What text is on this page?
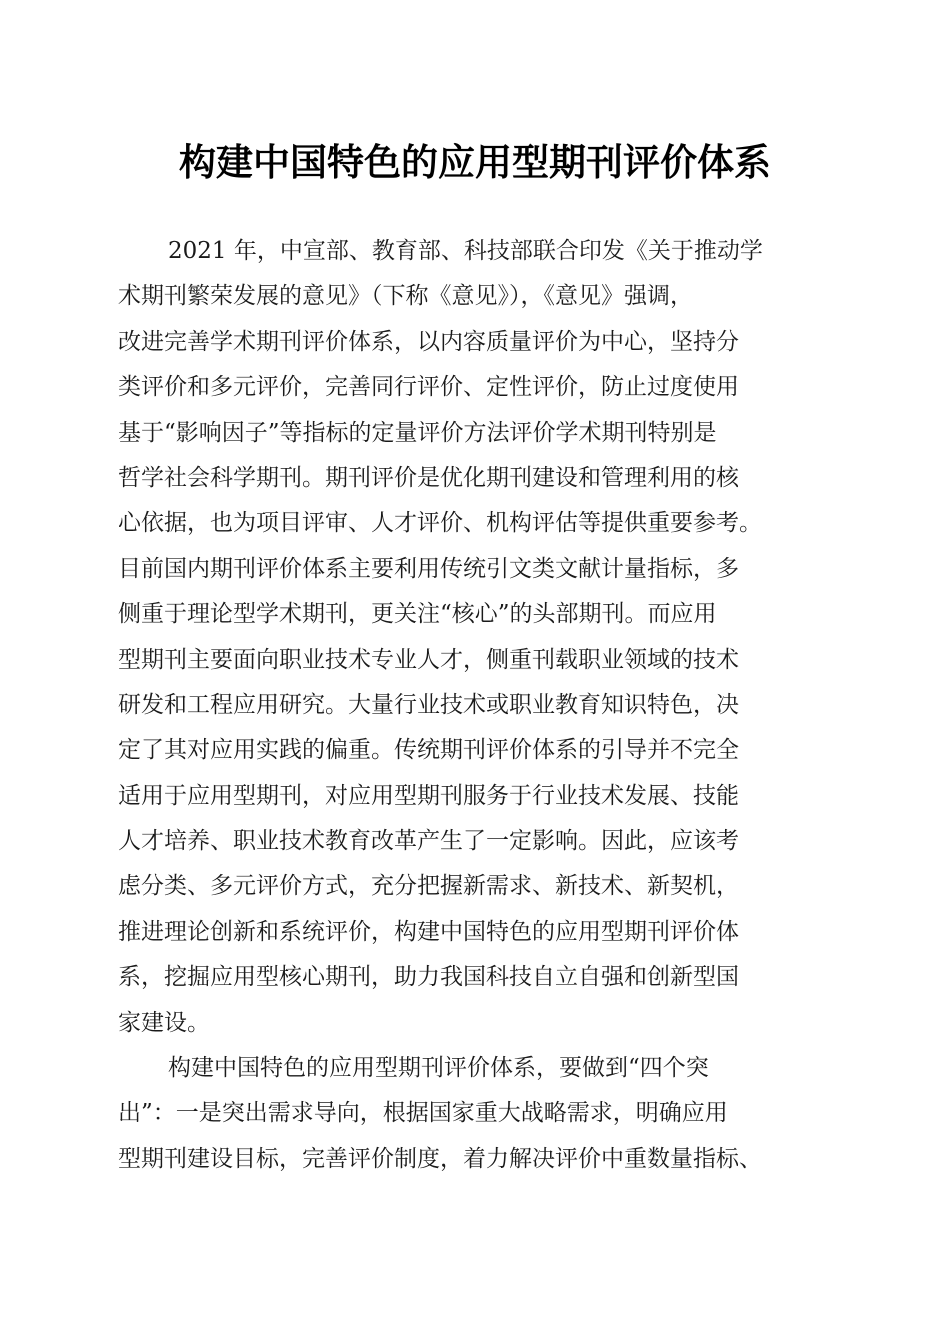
构建中国特色的应用型期刊评价体系
2021 年，中宣部、教育部、科技部联合印发《关于推动学
术期刊繁荣发展的意见》（下称《意见》），《意见》强调，
改进完善学术期刊评价体系，以内容质量评价为中心，坚持分
类评价和多元评价，完善同行评价、定性评价，防止过度使用
基于“影响因子”等指标的定量评价方法评价学术期刊特别是
哲学社会科学期刊。期刊评价是优化期刊建设和管理利用的核
心依据，也为项目评审、人才评价、机构评估等提供重要参考。
目前国内期刊评价体系主要利用传统引文类文献计量指标，多
侧重于理论型学术期刊，更关注“核心”的头部期刊。而应用
型期刊主要面向职业技术专业人才，侧重刊载职业领域的技术
研发和工程应用研究。大量行业技术或职业教育知识特色，决
定了其对应用实践的偏重。传统期刊评价体系的引导并不完全
适用于应用型期刊，对应用型期刊服务于行业技术发展、技能
人才培养、职业技术教育改革产生了一定影响。因此，应该考
虑分类、多元评价方式，充分把握新需求、新技术、新契机，
推进理论创新和系统评价，构建中国特色的应用型期刊评价体
系，挖掘应用型核心期刊，助力我国科技自立自强和创新型国
家建设。
构建中国特色的应用型期刊评价体系，要做到“四个突
出”：一是突出需求导向，根据国家重大战略需求，明确应用
型期刊建设目标，完善评价制度，着力解决评价中重数量指标、
